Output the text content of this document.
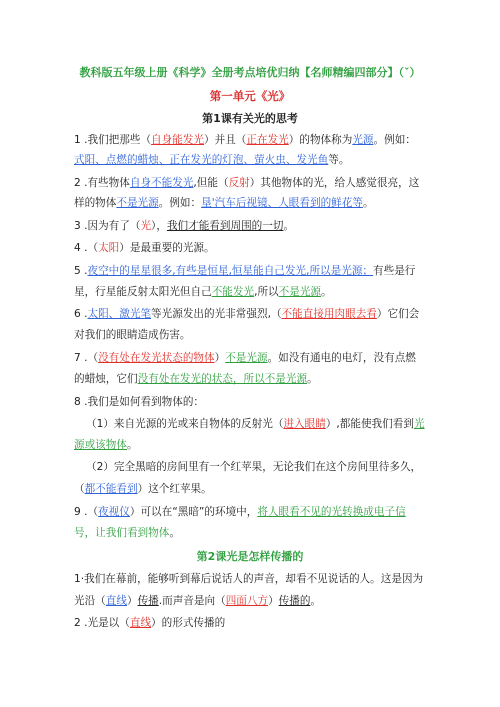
教科版五年级上册《科学》全册考点培优归纳【名师精编四部分】（ˇ）
第一单元《光》
第1课有关光的思考
1 .我们把那些（自身能发光）并且（正在发光）的物体称为光源。例如：
式阳、点燃的蜡烛、正在发光的灯泡、萤火虫、发光鱼等。
2 .有些物体自身不能发光,但能（反射）其他物体的光，给人感觉很亮，这
样的物体不是光源。例如：垦'汽车后视镜、人眼看到的鲜花等。
3 .因为有了（光），我们才能看到周围的一切。
4 .（太阳）是最重要的光源。
5 .夜空中的星星很多,有些是恒星,恒星能自己发光,所以是光源；有些是行
星，行星能反射太阳光但自己不能发光,所以不是光源。
6 .太阳、激光笔等光源发出的光非常强烈,（不能直接用肉眼去看）它们会
对我们的眼睛造成伤害。
7 .（没有处在发光状态的物体）不是光源。如没有通电的电灯，没有点燃
的蜡烛，它们没有处在发光的状态，所以不是光源。
8 .我们是如何看到物体的：
（1）来自光源的光或来自物体的反射光（进入眼睛）,都能使我们看到光
源或该物体。
（2）完全黑暗的房间里有一个红苹果，无论我们在这个房间里待多久，
（都不能看到）这个红苹果。
9 .（夜视仪）可以在“黑暗”的环境中，将人眼看不见的光转换成电子信
号，让我们看到物体。
第2课光是怎样传播的
1·我们在幕前，能够听到幕后说话人的声音，却看不见说话的人。这是因为
光沿（直线）传播.而声音是向（四面八方）传播的。
2 .光是以（直线）的形式传播的
